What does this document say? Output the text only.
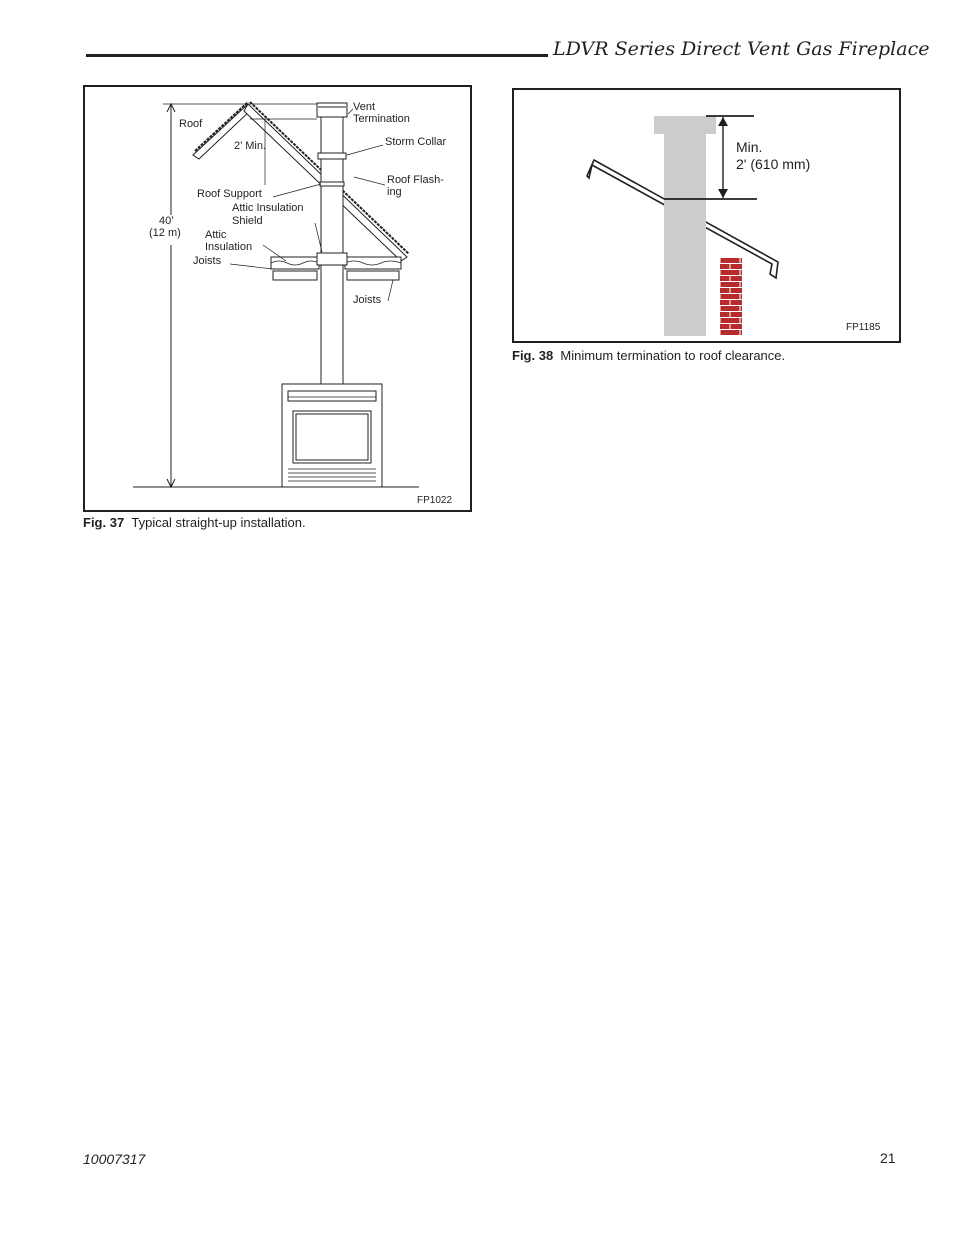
LDVR Series Direct Vent Gas Fireplace
Vent
Termination
Roof
Storm Collar
2’ Min.
Roof Flash-
ing
Roof Support
Attic Insulation
Shield
40’
(12 m) Attic
Insulation
Joists
Joists
FP1022
Fig. 37 Typical straight-up installation.
Min.
2' (610 mm)
FP1185
Fig. 38 Minimum termination to roof clearance.
10007317	21
